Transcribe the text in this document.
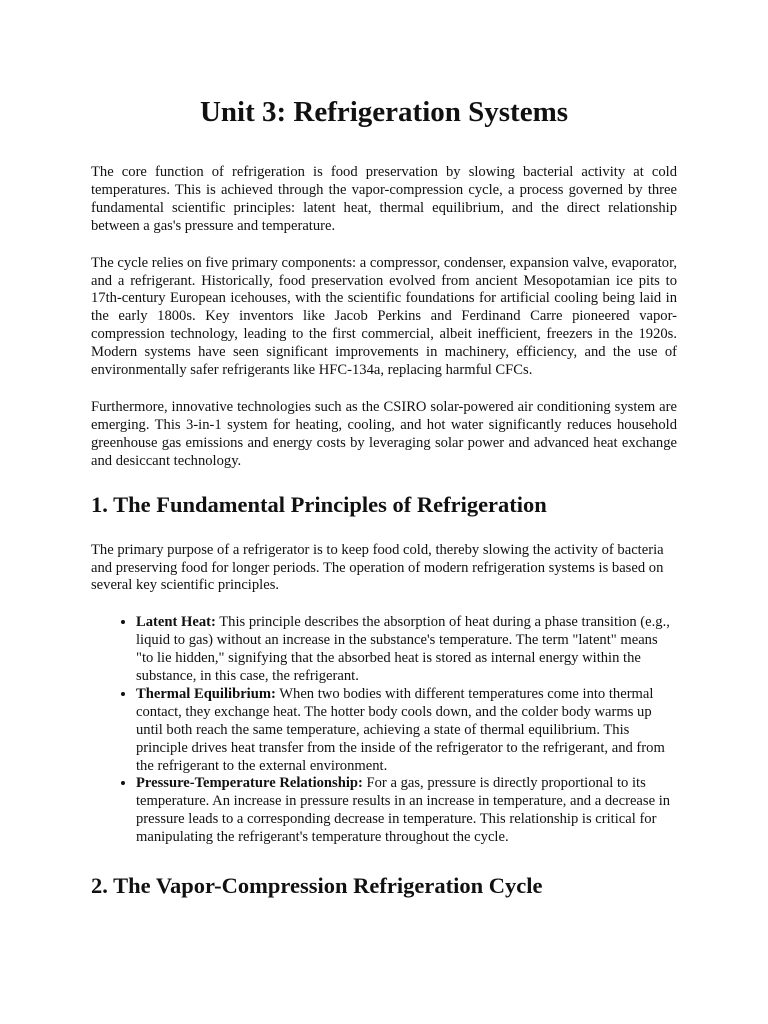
Unit 3: Refrigeration Systems

The core function of refrigeration is food preservation by slowing bacterial activity at cold temperatures. This is achieved through the vapor-compression cycle, a process governed by three fundamental scientific principles: latent heat, thermal equilibrium, and the direct relationship between a gas's pressure and temperature.

The cycle relies on five primary components: a compressor, condenser, expansion valve, evaporator, and a refrigerant. Historically, food preservation evolved from ancient Mesopotamian ice pits to 17th-century European icehouses, with the scientific foundations for artificial cooling being laid in the early 1800s. Key inventors like Jacob Perkins and Ferdinand Carre pioneered vapor-compression technology, leading to the first commercial, albeit inefficient, freezers in the 1920s. Modern systems have seen significant improvements in machinery, efficiency, and the use of environmentally safer refrigerants like HFC-134a, replacing harmful CFCs.

Furthermore, innovative technologies such as the CSIRO solar-powered air conditioning system are emerging. This 3-in-1 system for heating, cooling, and hot water significantly reduces household greenhouse gas emissions and energy costs by leveraging solar power and advanced heat exchange and desiccant technology.

1. The Fundamental Principles of Refrigeration

The primary purpose of a refrigerator is to keep food cold, thereby slowing the activity of bacteria and preserving food for longer periods. The operation of modern refrigeration systems is based on several key scientific principles.

• Latent Heat: This principle describes the absorption of heat during a phase transition (e.g., liquid to gas) without an increase in the substance's temperature. The term "latent" means "to lie hidden," signifying that the absorbed heat is stored as internal energy within the substance, in this case, the refrigerant.
• Thermal Equilibrium: When two bodies with different temperatures come into thermal contact, they exchange heat. The hotter body cools down, and the colder body warms up until both reach the same temperature, achieving a state of thermal equilibrium. This principle drives heat transfer from the inside of the refrigerator to the refrigerant, and from the refrigerant to the external environment.
• Pressure-Temperature Relationship: For a gas, pressure is directly proportional to its temperature. An increase in pressure results in an increase in temperature, and a decrease in pressure leads to a corresponding decrease in temperature. This relationship is critical for manipulating the refrigerant's temperature throughout the cycle.
2. The Vapor-Compression Refrigeration Cycle
